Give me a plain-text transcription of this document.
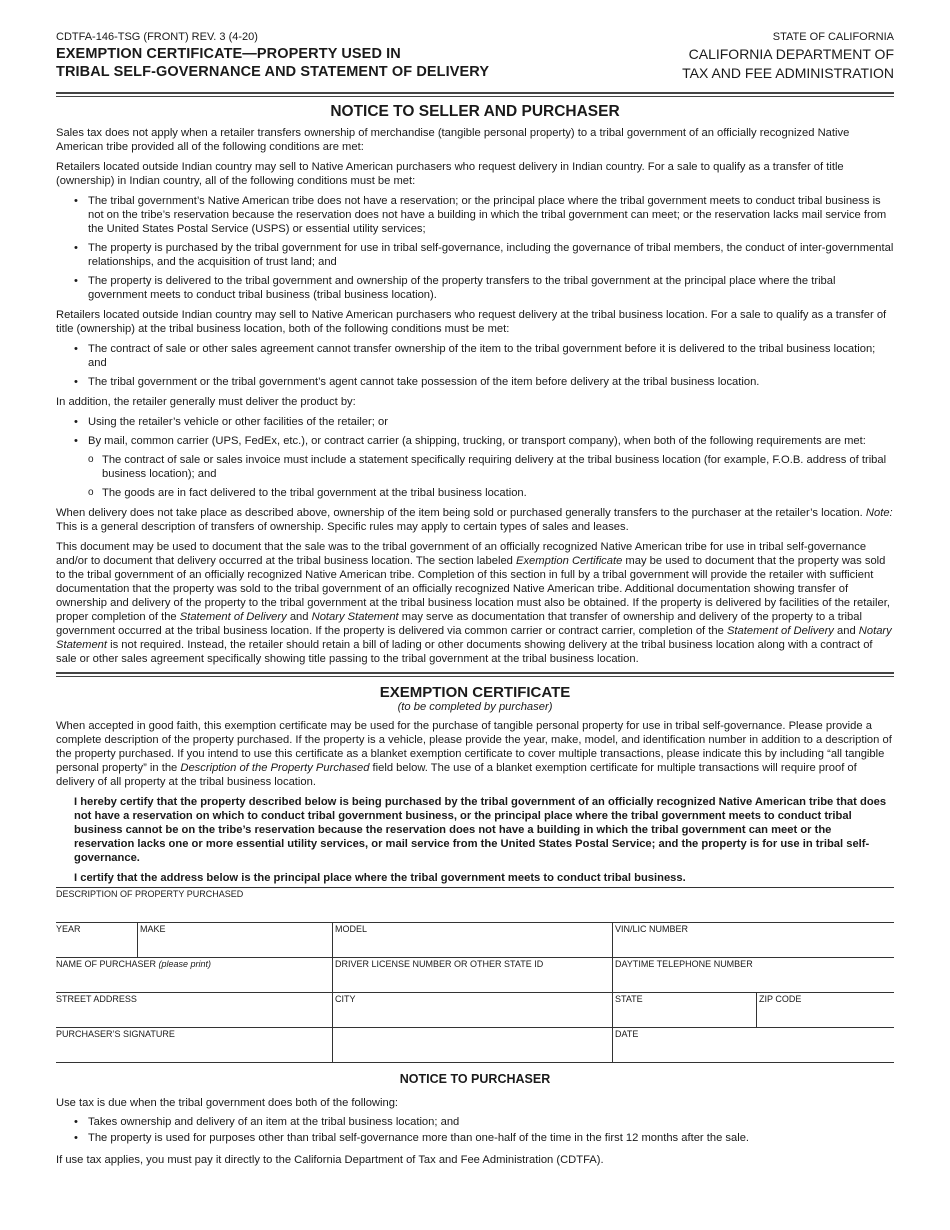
CDTFA-146-TSG (FRONT) REV. 3 (4-20)
EXEMPTION CERTIFICATE—PROPERTY USED IN
TRIBAL SELF-GOVERNANCE AND STATEMENT OF DELIVERY
STATE OF CALIFORNIA
CALIFORNIA DEPARTMENT OF
TAX AND FEE ADMINISTRATION
NOTICE TO SELLER AND PURCHASER

Sales tax does not apply when a retailer transfers ownership of merchandise (tangible personal property) to a tribal government of an officially recognized Native American tribe provided all of the following conditions are met:

Retailers located outside Indian country may sell to Native American purchasers who request delivery in Indian country. For a sale to qualify as a transfer of title (ownership) in Indian country, all of the following conditions must be met:

• The tribal government’s Native American tribe does not have a reservation; or the principal place where the tribal government meets to conduct tribal business is not on the tribe’s reservation because the reservation does not have a building in which the tribal government can meet; or the reservation lacks mail service from the United States Postal Service (USPS) or essential utility services;
• The property is purchased by the tribal government for use in tribal self-governance, including the governance of tribal members, the conduct of inter-governmental relationships, and the acquisition of trust land; and
• The property is delivered to the tribal government and ownership of the property transfers to the tribal government at the principal place where the tribal government meets to conduct tribal business (tribal business location).

Retailers located outside Indian country may sell to Native American purchasers who request delivery at the tribal business location. For a sale to qualify as a transfer of title (ownership) at the tribal business location, both of the following conditions must be met:

• The contract of sale or other sales agreement cannot transfer ownership of the item to the tribal government before it is delivered to the tribal business location; and
• The tribal government or the tribal government’s agent cannot take possession of the item before delivery at the tribal business location.

In addition, the retailer generally must deliver the product by:

• Using the retailer’s vehicle or other facilities of the retailer; or
• By mail, common carrier (UPS, FedEx, etc.), or contract carrier (a shipping, trucking, or transport company), when both of the following requirements are met:
o The contract of sale or sales invoice must include a statement specifically requiring delivery at the tribal business location (for example, F.O.B. address of tribal business location); and
o The goods are in fact delivered to the tribal government at the tribal business location.

When delivery does not take place as described above, ownership of the item being sold or purchased generally transfers to the purchaser at the retailer’s location. Note: This is a general description of transfers of ownership. Specific rules may apply to certain types of sales and leases.

This document may be used to document that the sale was to the tribal government of an officially recognized Native American tribe for use in tribal self-governance and/or to document that delivery occurred at the tribal business location. The section labeled Exemption Certificate may be used to document that the property was sold to the tribal government of an officially recognized Native American tribe. Completion of this section in full by a tribal government will provide the retailer with sufficient documentation that the property was sold to the tribal government of an officially recognized Native American tribe. Additional documentation showing transfer of ownership and delivery of the property to the tribal government at the tribal business location must also be obtained. If the property is delivered by facilities of the retailer, proper completion of the Statement of Delivery and Notary Statement may serve as documentation that transfer of ownership and delivery of the property to a tribal government occurred at the tribal business location. If the property is delivered via common carrier or contract carrier, completion of the Statement of Delivery and Notary Statement is not required. Instead, the retailer should retain a bill of lading or other documents showing delivery at the tribal business location along with a contract of sale or other sales agreement specifically showing title passing to the tribal government at the tribal business location.

EXEMPTION CERTIFICATE
(to be completed by purchaser)

When accepted in good faith, this exemption certificate may be used for the purchase of tangible personal property for use in tribal self-governance. Please provide a complete description of the property purchased. If the property is a vehicle, please provide the year, make, model, and identification number in addition to a description of the property purchased. If you intend to use this certificate as a blanket exemption certificate to cover multiple transactions, please indicate this by including “all tangible personal property” in the Description of the Property Purchased field below. The use of a blanket exemption certificate for multiple transactions will require proof of delivery of all property at the tribal business location.

I hereby certify that the property described below is being purchased by the tribal government of an officially recognized Native American tribe that does not have a reservation on which to conduct tribal government business, or the principal place where the tribal government meets to conduct tribal business cannot be on the tribe’s reservation because the reservation does not have a building in which the tribal government can meet or the reservation lacks one or more essential utility services, or mail service from the United States Postal Service; and the property is for use in tribal self-governance.
I certify that the address below is the principal place where the tribal government meets to conduct tribal business.
DESCRIPTION OF PROPERTY PURCHASED
YEAR	MAKE	MODEL	VIN/LIC NUMBER
NAME OF PURCHASER (please print)	DRIVER LICENSE NUMBER OR OTHER STATE ID	DAYTIME TELEPHONE NUMBER
STREET ADDRESS	CITY	STATE	ZIP CODE
PURCHASER’S SIGNATURE	DATE
NOTICE TO PURCHASER

Use tax is due when the tribal government does both of the following:

• Takes ownership and delivery of an item at the tribal business location; and
• The property is used for purposes other than tribal self-governance more than one-half of the time in the first 12 months after the sale.

If use tax applies, you must pay it directly to the California Department of Tax and Fee Administration (CDTFA).
